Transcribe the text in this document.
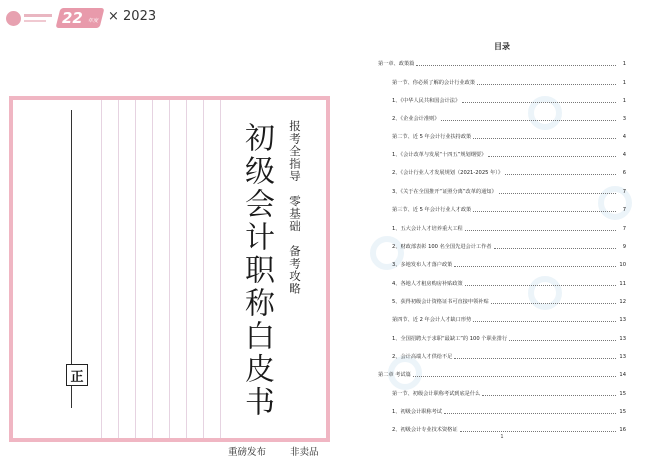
22 年度 × 2023
正	初级会计职称白皮书 报考全指导 零基础 备考攻略
重磅发布	非卖品
目录
第一章、政策篇	1
第一节、你必须了解的会计行业政策	1
1、《中华人民共和国会计法》	1
2、《企业会计准则》	3
第二节、近 5 年会计行业扶持政策	4
1、《会计改革与发展“十四五”规划纲要》	4
2、《会计行业人才发展规划（2021-2025 年）》	6
3、《关于在全国推开“证照分离”改革的通知》	7
第三节、近 5 年会计行业人才政策	7
1、五大会计人才培养重大工程	7
2、财政部表彰 100 名全国先进会计工作者	9
3、多地发布人才落户政策	10
4、各地人才租房购房补贴政策	11
5、获得初级会计资格证书可直接申领补贴	12
第四节、近 2 年会计人才缺口形势	13
1、全国招聘大于求职“最缺工”的 100 个职业排行	13
2、会计高端人才供给不足	13
第二章 考试篇	14
第一节、初级会计职称考试到底是什么	15
1、初级会计职称考试	15
2、初级会计专业技术资格证	16
1
